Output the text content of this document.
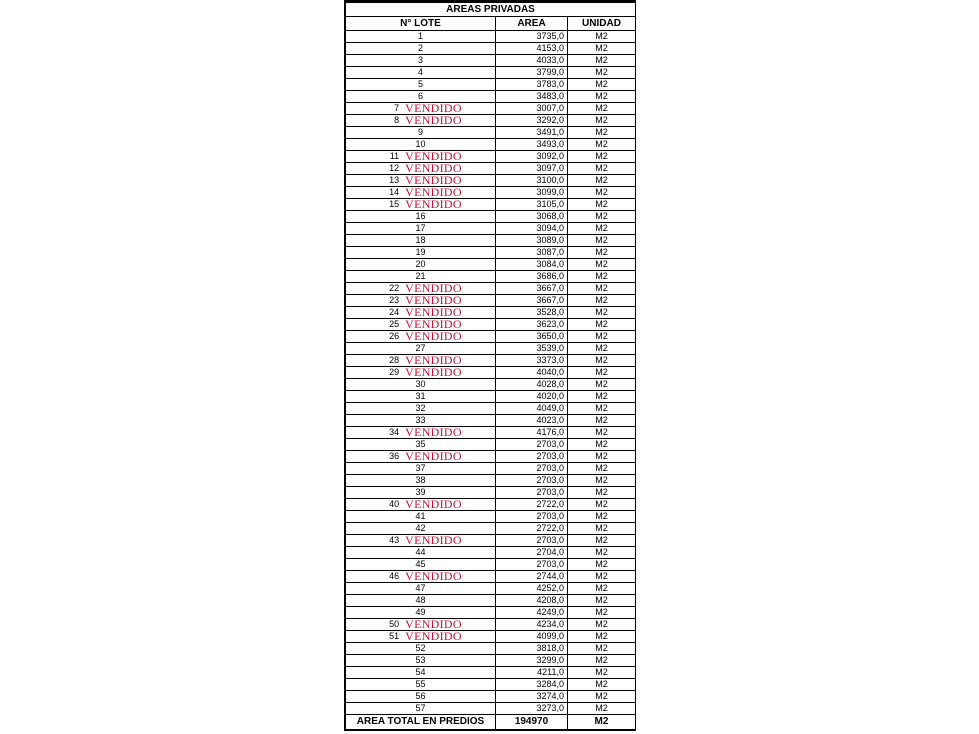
AREAS PRIVADAS		
N° LOTE	AREA	UNIDAD
1	3735,0	M2
2	4153,0	M2
3	4033,0	M2
4	3799,0	M2
5	3783,0	M2
6	3483,0	M2
7 VENDIDO	3007,0	M2
8 VENDIDO	3292,0	M2
9	3491,0	M2
10	3493,0	M2
11 VENDIDO	3092,0	M2
12 VENDIDO	3097,0	M2
13 VENDIDO	3100,0	M2
14 VENDIDO	3099,0	M2
15 VENDIDO	3105,0	M2
16	3068,0	M2
17	3094,0	M2
18	3089,0	M2
19	3087,0	M2
20	3084,0	M2
21	3686,0	M2
22 VENDIDO	3667,0	M2
23 VENDIDO	3667,0	M2
24 VENDIDO	3528,0	M2
25 VENDIDO	3623,0	M2
26 VENDIDO	3650,0	M2
27	3539,0	M2
28 VENDIDO	3373,0	M2
29 VENDIDO	4040,0	M2
30	4028,0	M2
31	4020,0	M2
32	4049,0	M2
33	4023,0	M2
34 VENDIDO	4176,0	M2
35	2703,0	M2
36 VENDIDO	2703,0	M2
37	2703,0	M2
38	2703,0	M2
39	2703,0	M2
40 VENDIDO	2722,0	M2
41	2703,0	M2
42	2722,0	M2
43 VENDIDO	2703,0	M2
44	2704,0	M2
45	2703,0	M2
46 VENDIDO	2744,0	M2
47	4252,0	M2
48	4208,0	M2
49	4249,0	M2
50 VENDIDO	4234,0	M2
51 VENDIDO	4099,0	M2
52	3818,0	M2
53	3299,0	M2
54	4211,0	M2
55	3284,0	M2
56	3274,0	M2
57	3273,0	M2
AREA TOTAL EN PREDIOS	194970	M2
